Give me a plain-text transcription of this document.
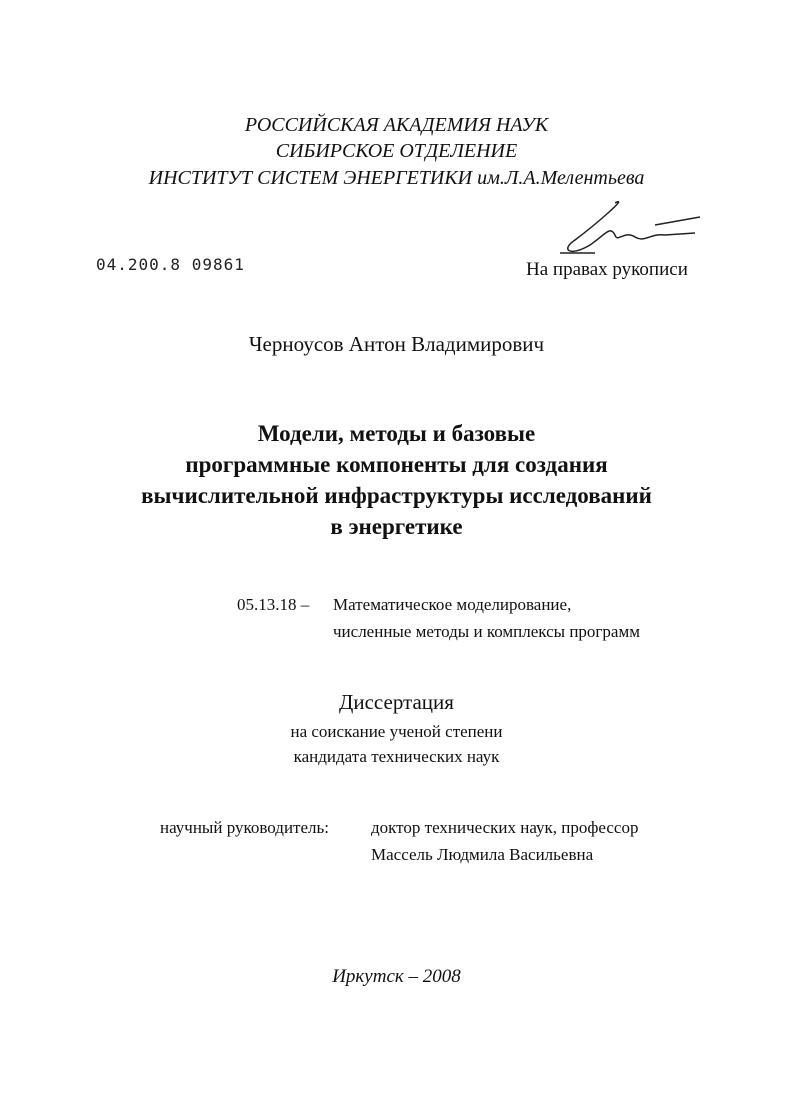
РОССИЙСКАЯ АКАДЕМИЯ НАУК
СИБИРСКОЕ ОТДЕЛЕНИЕ
ИНСТИТУТ СИСТЕМ ЭНЕРГЕТИКИ им.Л.А.Мелентьева
04.200.8 09861	На правах рукописи
Черноусов Антон Владимирович
Модели, методы и базовые
программные компоненты для создания
вычислительной инфраструктуры исследований
в энергетике
05.13.18 – Математическое моделирование,
численные методы и комплексы программ
Диссертация
на соискание ученой степени
кандидата технических наук
научный руководитель: доктор технических наук, профессор
Массель Людмила Васильевна
Иркутск – 2008
